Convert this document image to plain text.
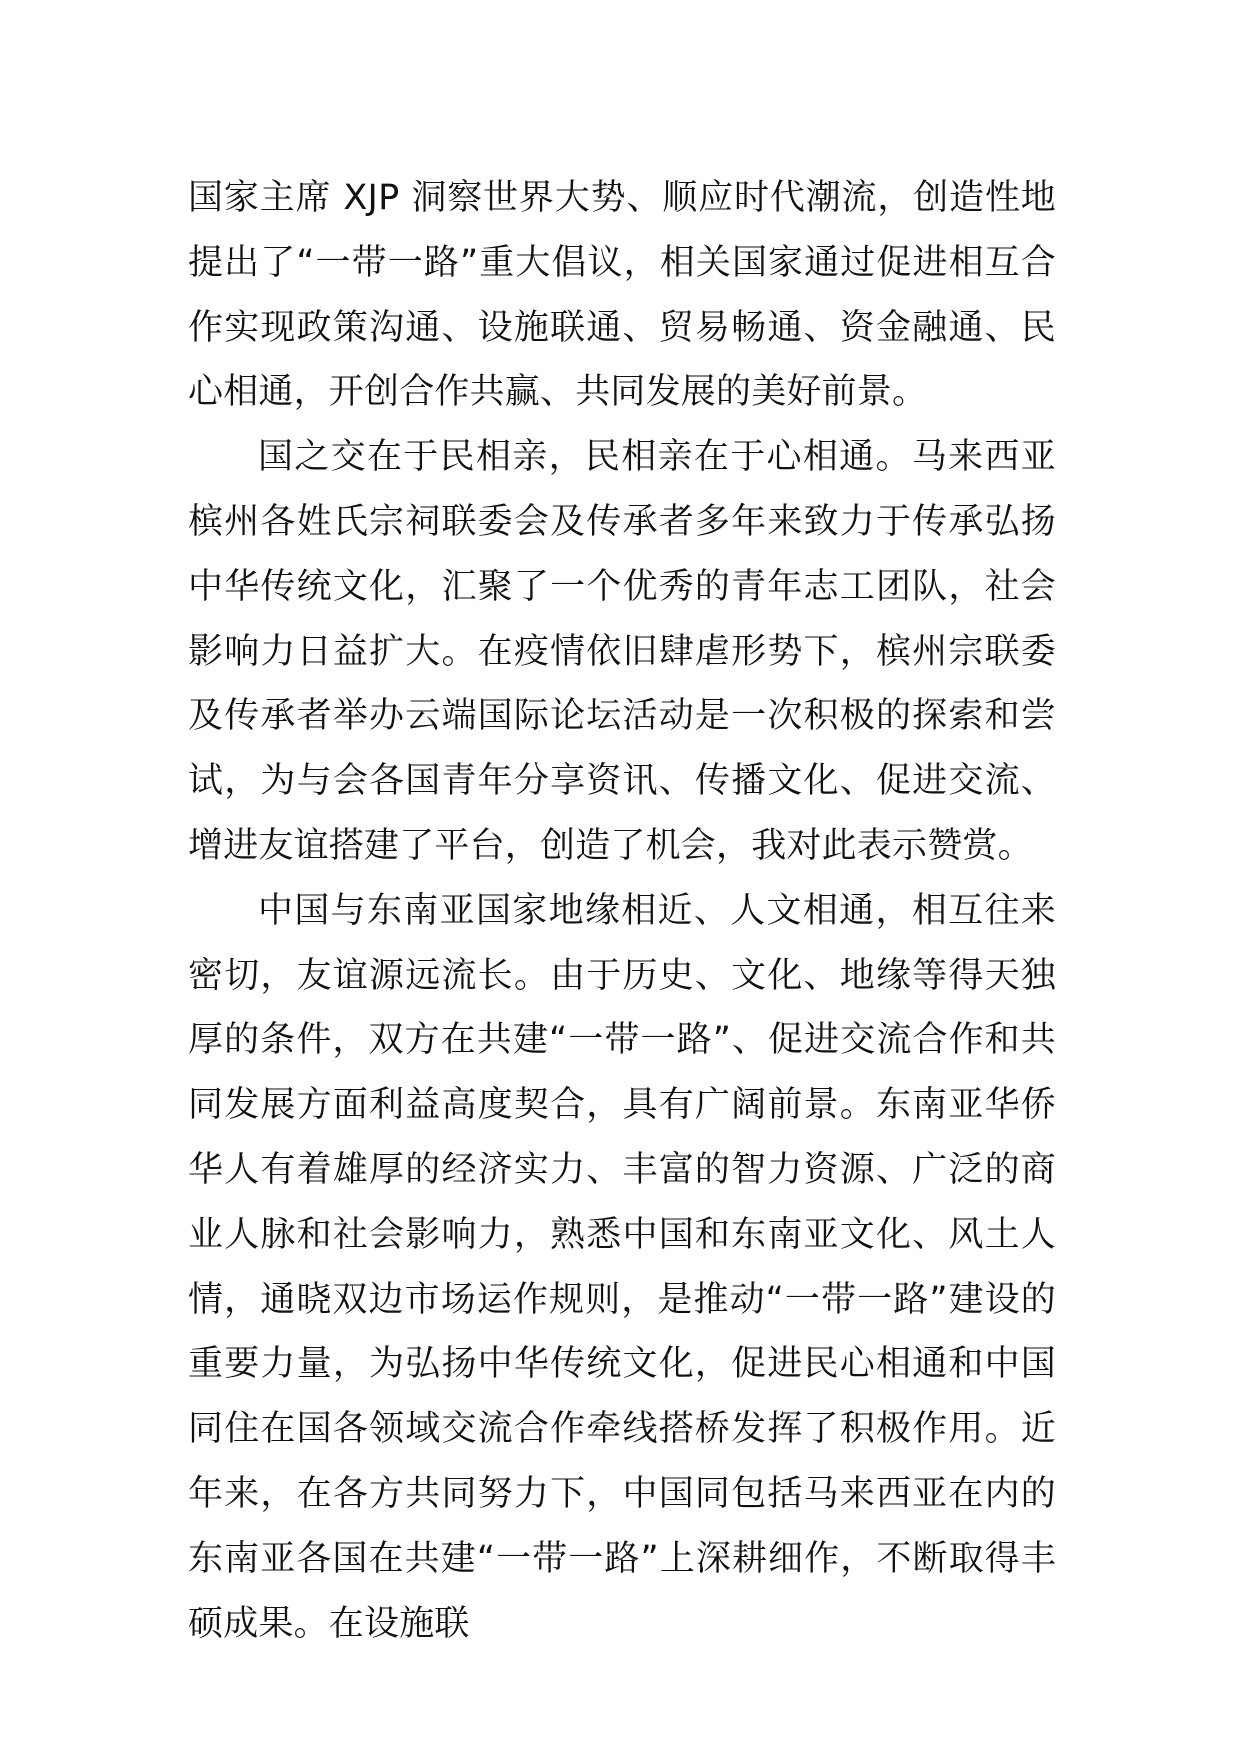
国家主席 XJP 洞察世界大势、顺应时代潮流，创造性地提出了“一带一路”重大倡议，相关国家通过促进相互合作实现政策沟通、设施联通、贸易畅通、资金融通、民心相通，开创合作共赢、共同发展的美好前景。

国之交在于民相亲，民相亲在于心相通。马来西亚槟州各姓氏宗祠联委会及传承者多年来致力于传承弘扬中华传统文化，汇聚了一个优秀的青年志工团队，社会影响力日益扩大。在疫情依旧肆虐形势下，槟州宗联委及传承者举办云端国际论坛活动是一次积极的探索和尝试，为与会各国青年分享资讯、传播文化、促进交流、增进友谊搭建了平台，创造了机会，我对此表示赞赏。

中国与东南亚国家地缘相近、人文相通，相互往来密切，友谊源远流长。由于历史、文化、地缘等得天独厚的条件，双方在共建“一带一路”、促进交流合作和共同发展方面利益高度契合，具有广阔前景。东南亚华侨华人有着雄厚的经济实力、丰富的智力资源、广泛的商业人脉和社会影响力，熟悉中国和东南亚文化、风土人情，通晓双边市场运作规则，是推动“一带一路”建设的重要力量，为弘扬中华传统文化，促进民心相通和中国同住在国各领域交流合作牵线搭桥发挥了积极作用。近年来，在各方共同努力下，中国同包括马来西亚在内的东南亚各国在共建“一带一路”上深耕细作，不断取得丰硕成果。在设施联
